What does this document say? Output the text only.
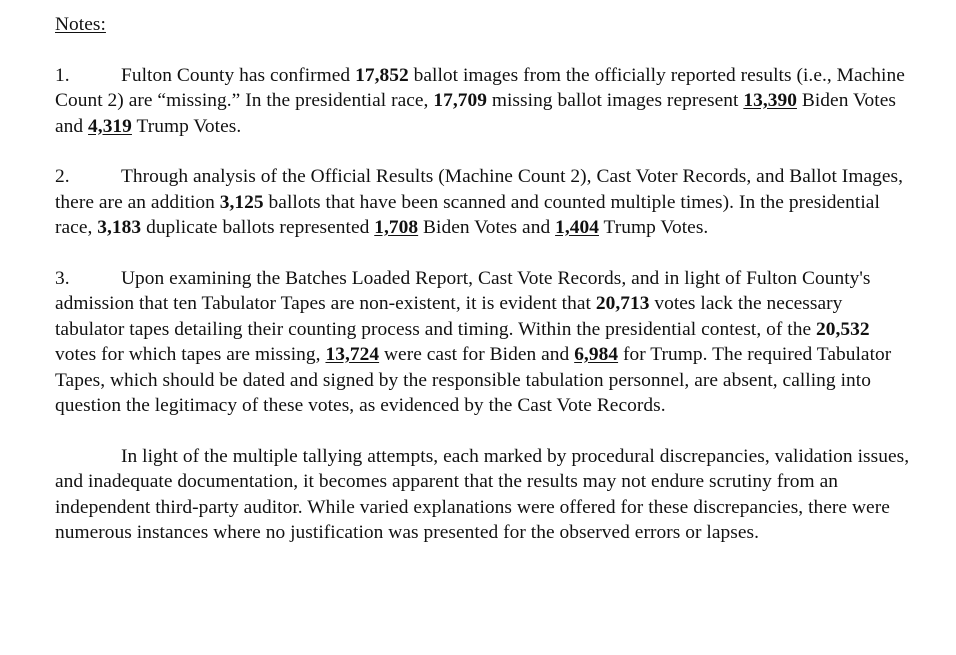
Notes:
1.	Fulton County has confirmed 17,852 ballot images from the officially reported results (i.e., Machine Count 2) are “missing.” In the presidential race, 17,709 missing ballot images represent 13,390 Biden Votes and 4,319 Trump Votes.
2.	Through analysis of the Official Results (Machine Count 2), Cast Voter Records, and Ballot Images, there are an addition 3,125 ballots that have been scanned and counted multiple times). In the presidential race, 3,183 duplicate ballots represented 1,708 Biden Votes and 1,404 Trump Votes.
3.	Upon examining the Batches Loaded Report, Cast Vote Records, and in light of Fulton County's admission that ten Tabulator Tapes are non-existent, it is evident that 20,713 votes lack the necessary tabulator tapes detailing their counting process and timing. Within the presidential contest, of the 20,532 votes for which tapes are missing, 13,724 were cast for Biden and 6,984 for Trump. The required Tabulator Tapes, which should be dated and signed by the responsible tabulation personnel, are absent, calling into question the legitimacy of these votes, as evidenced by the Cast Vote Records.
In light of the multiple tallying attempts, each marked by procedural discrepancies, validation issues, and inadequate documentation, it becomes apparent that the results may not endure scrutiny from an independent third-party auditor. While varied explanations were offered for these discrepancies, there were numerous instances where no justification was presented for the observed errors or lapses.
